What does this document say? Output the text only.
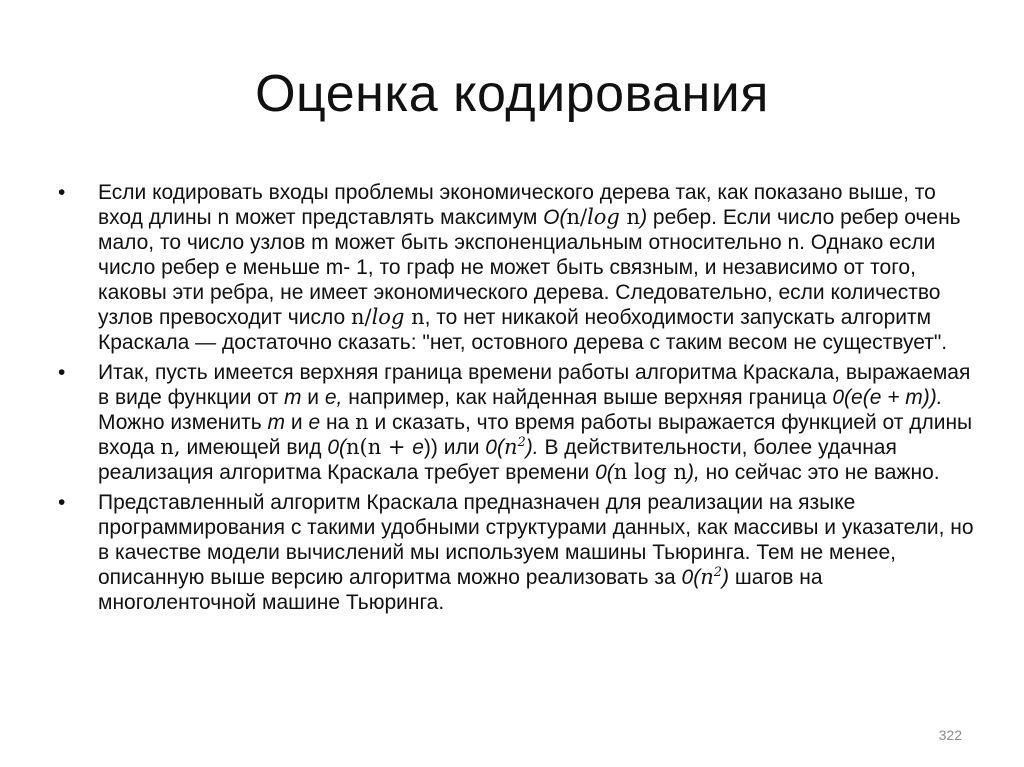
Оценка кодирования
• Если кодировать входы проблемы экономического дерева так, как показано выше, то вход длины n может представлять максимум O(n/log n) ребер. Если число ребер очень мало, то число узлов m может быть экспоненциальным относительно n. Однако если число ребер e меньше m- 1, то граф не может быть связным, и независимо от того, каковы эти ребра, не имеет экономического дерева. Следовательно, если количество узлов превосходит число n/log n, то нет никакой необходимости запускать алгоритм Краскала — достаточно сказать: "нет, остовного дерева с таким весом не существует".
• Итак, пусть имеется верхняя граница времени работы алгоритма Краскала, выражаемая в виде функции от m и е, например, как найденная выше верхняя граница 0(е(е + m)). Можно изменить m и е на n и сказать, что время работы выражается функцией от длины входа n, имеющей вид 0(n(n + е)) или $0(n^2)$. В действительности, более удачная реализация алгоритма Краскала требует времени 0(n log n), но сейчас это не важно.
• Представленный алгоритм Краскала предназначен для реализации на языке программирования с такими удобными структурами данных, как массивы и указатели, но в качестве модели вычислений мы используем машины Тьюринга. Тем не менее, описанную выше версию алгоритма можно реализовать за $0(n^2)$ шагов на многоленточной машине Тьюринга.
322
